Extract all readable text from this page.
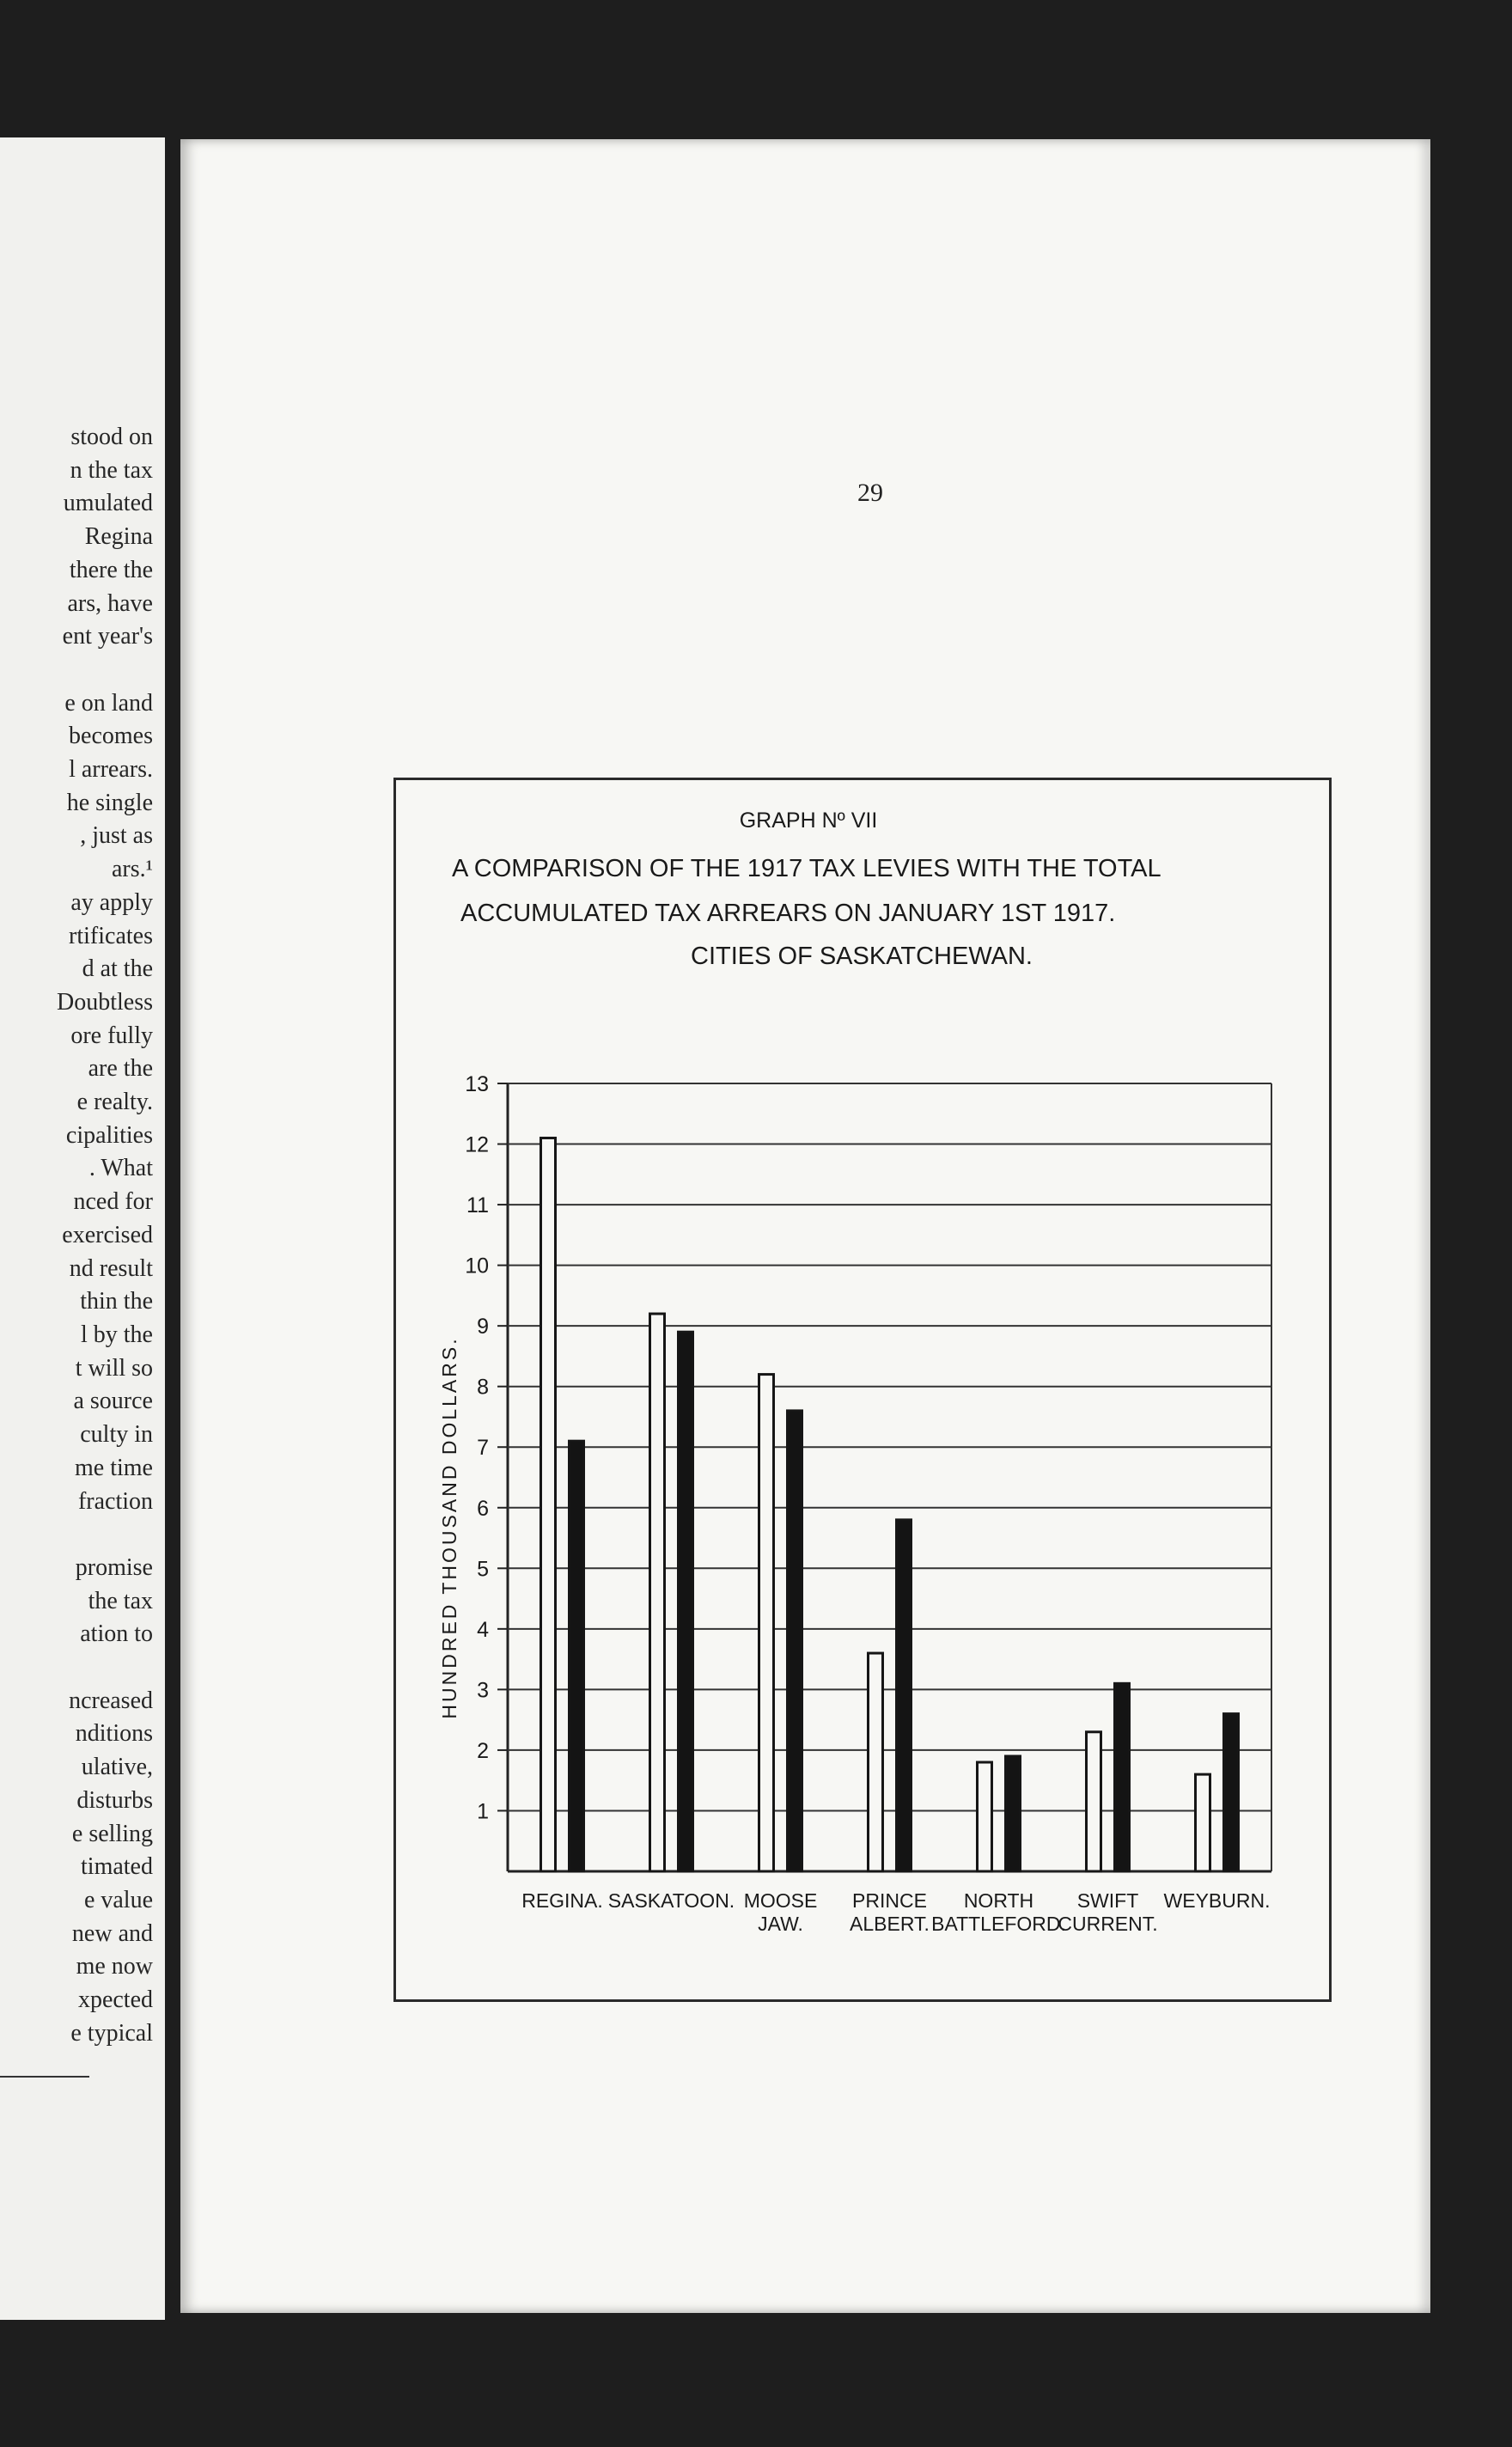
stood on
n the tax
umulated
Regina
there the
ars, have
ent year's

e on land
becomes
l arrears.
he single
, just as
ars.¹
ay apply
rtificates
d at the
Doubtless
ore fully
are the
e realty.
cipalities
. What
nced for
exercised
nd result
thin the
l by the
t will so
a source
culty in
me time
fraction

promise
the tax
ation to

ncreased
nditions
ulative,
disturbs
e selling
timated
e value
new and
me now
xpected
e typical
29
GRAPH Nº VII
A COMPARISON OF THE 1917 TAX LEVIES WITH THE TOTAL
ACCUMULATED TAX ARREARS ON JANUARY 1ST 1917.
CITIES OF SASKATCHEWAN.
HUNDRED THOUSAND DOLLARS.
1
2
3
4
5
6
7
8
9
10
11
12
13
REGINA. SASKATOON. MOOSE
JAW.
PRINCE
ALBERT.
NORTH
BATTLEFORD.
SWIFT
CURRENT.
WEYBURN.
